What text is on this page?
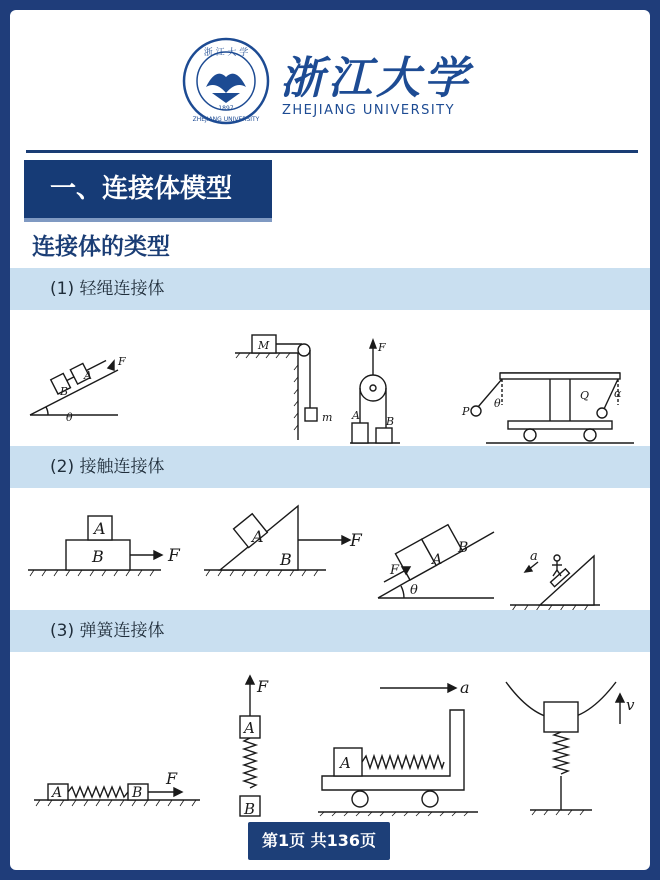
浙 江 大 学
ZHEJIANG UNIVERSITY
1897
浙江大学
ZHEJIANG UNIVERSITY
一、连接体模型
连接体的类型
(1) 轻绳连接体
B
A
F
θ
M
m
F
A B
P
Q
θ
α
(2) 接触连接体
A
B	F
A
B
F
A
B
F
θ
a
(3) 弹簧连接体
A	B
F
F
A
B
A
a
v
第1页 共136页
